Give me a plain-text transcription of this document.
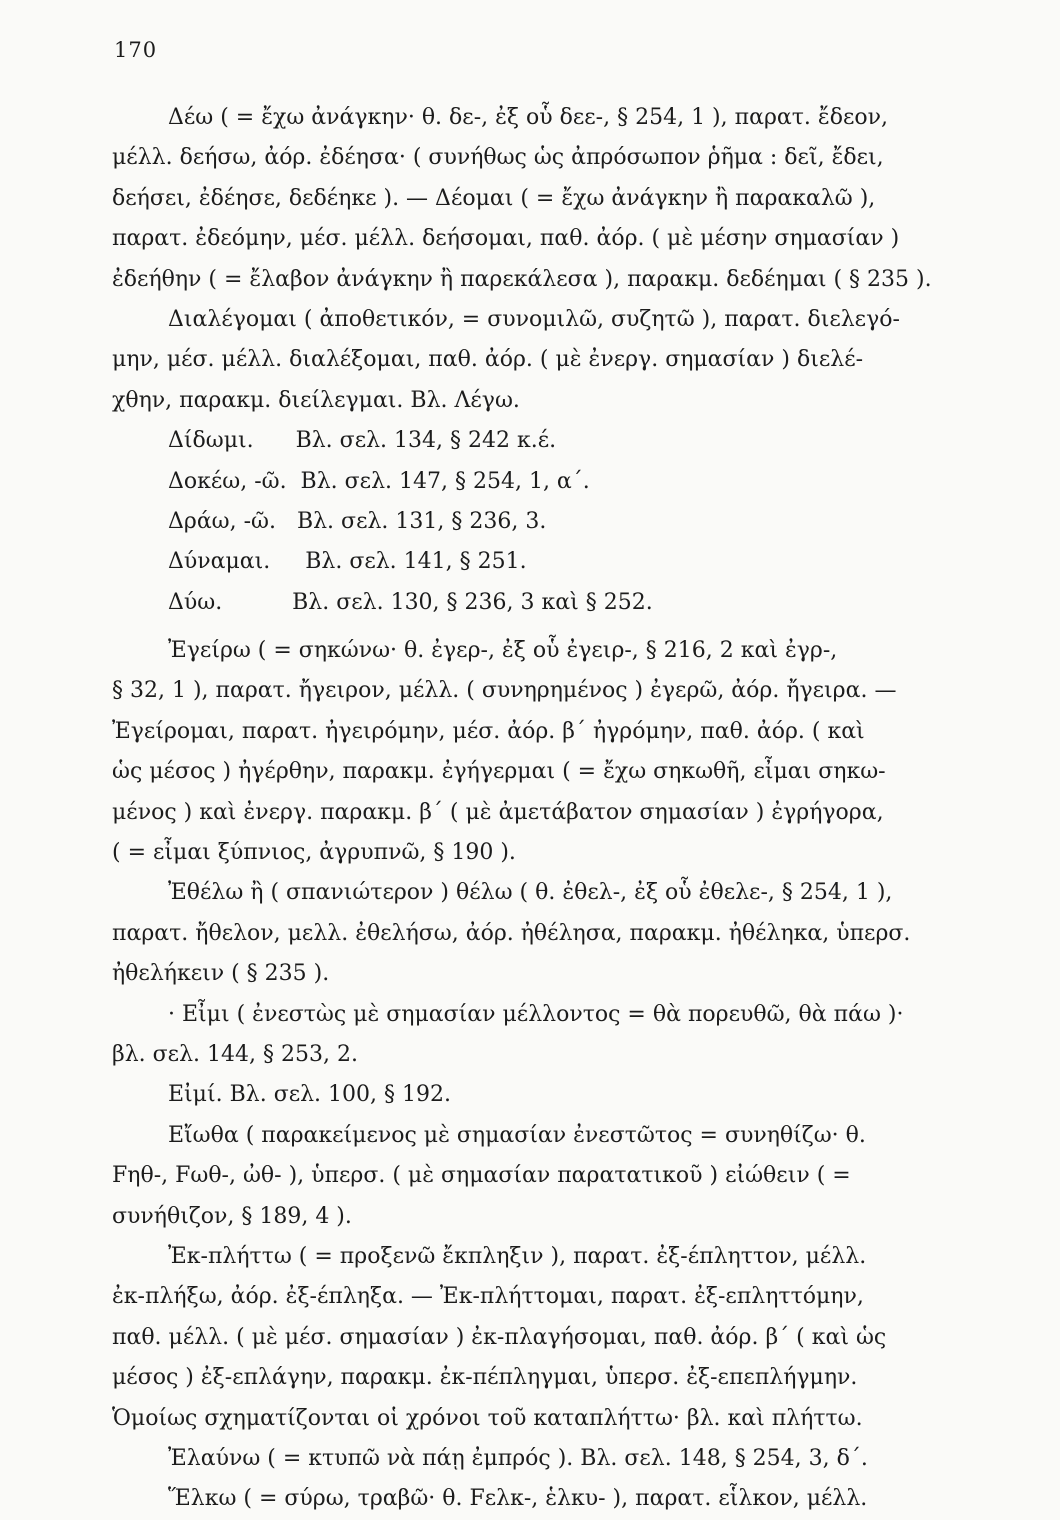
170
Δέω ( = ἔχω ἀνάγκην· θ. δε-, ἐξ οὗ δεε-, § 254, 1 ), παρατ. ἔδεον,
μέλλ. δεήσω, ἀόρ. ἐδέησα· ( συνήθως ὡς ἀπρόσωπον ῥῆμα : δεῖ, ἔδει,
δεήσει, ἐδέησε, δεδέηκε ). — Δέομαι ( = ἔχω ἀνάγκην ἢ παρακαλῶ ),
παρατ. ἐδεόμην, μέσ. μέλλ. δεήσομαι, παθ. ἀόρ. ( μὲ μέσην σημασίαν )
ἐδεήθην ( = ἔλαβον ἀνάγκην ἢ παρεκάλεσα ), παρακμ. δεδέημαι ( § 235 ).
Διαλέγομαι ( ἀποθετικόν, = συνομιλῶ, συζητῶ ), παρατ. διελεγό-
μην, μέσ. μέλλ. διαλέξομαι, παθ. ἀόρ. ( μὲ ἐνεργ. σημασίαν ) διελέ-
χθην, παρακμ. διείλεγμαι. Βλ. Λέγω.
Δίδωμι.      Βλ. σελ. 134, § 242 κ.έ.
Δοκέω, -ῶ.  Βλ. σελ. 147, § 254, 1, α΄.
Δράω, -ῶ.   Βλ. σελ. 131, § 236, 3.
Δύναμαι.     Βλ. σελ. 141, § 251.
Δύω.          Βλ. σελ. 130, § 236, 3 καὶ § 252.
Ἐγείρω ( = σηκώνω· θ. ἐγερ-, ἐξ οὗ ἐγειρ-, § 216, 2 καὶ ἐγρ-,
§ 32, 1 ), παρατ. ἤγειρον, μέλλ. ( συνηρημένος ) ἐγερῶ, ἀόρ. ἤγειρα. —
Ἐγείρομαι, παρατ. ἠγειρόμην, μέσ. ἀόρ. β΄ ἠγρόμην, παθ. ἀόρ. ( καὶ
ὡς μέσος ) ἠγέρθην, παρακμ. ἐγήγερμαι ( = ἔχω σηκωθῆ, εἶμαι σηκω-
μένος ) καὶ ἐνεργ. παρακμ. β΄ ( μὲ ἀμετάβατον σημασίαν ) ἐγρήγορα,
( = εἶμαι ξύπνιος, ἀγρυπνῶ, § 190 ).
Ἐθέλω ἢ ( σπανιώτερον ) θέλω ( θ. ἐθελ-, ἐξ οὗ ἐθελε-, § 254, 1 ),
παρατ. ἤθελον, μελλ. ἐθελήσω, ἀόρ. ἠθέλησα, παρακμ. ἠθέληκα, ὑπερσ.
ἠθελήκειν ( § 235 ).
· Εἶμι ( ἐνεστὼς μὲ σημασίαν μέλλοντος = θὰ πορευθῶ, θὰ πάω )·
βλ. σελ. 144, § 253, 2.
Εἰμί. Βλ. σελ. 100, § 192.
Εἴωθα ( παρακείμενος μὲ σημασίαν ἐνεστῶτος = συνηθίζω· θ.
Fηθ-, Fωθ-, ὠθ- ), ὑπερσ. ( μὲ σημασίαν παρατατικοῦ ) εἰώθειν ( =
συνήθιζον, § 189, 4 ).
Ἐκ-πλήττω ( = προξενῶ ἔκπληξιν ), παρατ. ἐξ-έπληττον, μέλλ.
ἐκ-πλήξω, ἀόρ. ἐξ-έπληξα. — Ἐκ-πλήττομαι, παρατ. ἐξ-επληττόμην,
παθ. μέλλ. ( μὲ μέσ. σημασίαν ) ἐκ-πλαγήσομαι, παθ. ἀόρ. β΄ ( καὶ ὡς
μέσος ) ἐξ-επλάγην, παρακμ. ἐκ-πέπληγμαι, ὑπερσ. ἐξ-επεπλήγμην.
Ὁμοίως σχηματίζονται οἱ χρόνοι τοῦ καταπλήττω· βλ. καὶ πλήττω.
Ἐλαύνω ( = κτυπῶ νὰ πάῃ ἐμπρός ). Βλ. σελ. 148, § 254, 3, δ΄.
Ἕλκω ( = σύρω, τραβῶ· θ. Fελκ-, ἑλκυ- ), παρατ. εἷλκον, μέλλ.
